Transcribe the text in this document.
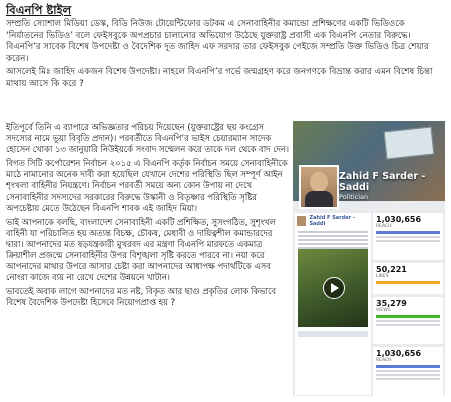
বিএনপি ষ্টাইল

সম্প্রতি স্যোশাল মিডিয়া ডেস্ক, বিডি নিউজ টোয়েন্টিফোর ডটকম এ সেনাবাহিনীর কমান্ডো প্রশিক্ষণের একটি ভিডিওকে ‘নির্যাতনের ভিডিও’ বলে ফেইসবুকে অপপ্রচার চালানোর অভিযোগ উঠেছে যুক্তরাষ্ট্র প্রবাসী এক বিএনপি নেতার বিরুদ্ধে। বিএনপি’র সাবেক বিশেষ উপদেষ্টা ও বৈদেশিক দূত জাহিদ এফ সরদার তার ফেইসবুক পেইজে সম্প্রতি উক্ত ভিডিও চিত্র শেয়ার করেন।

আসলেই মিঃ জাহিদ একজন বিশেষ উপদেষ্টা। নাহলে বিএনপি’র গর্ভে জন্মগ্রহণ করে জনগণকে বিভ্রান্ত করার এমন বিশেষ চিন্তা মাথায় আসে কি করে ?

ইতিপূর্বে তিনি এ ব্যাপারে অভিজ্ঞতার পরিচয় দিয়েছেন (যুক্তরাষ্ট্রের ছয় কংগ্রেস সদস্যের নামে ভূয়া বিবৃতি প্রদান)। পরবর্তীতে বিএনপি’র ভাইস চেয়ারম্যান সাদেক হোসেন খোকা ১৩ জানুয়ারি নিউইয়র্কে সংবাদ সম্মেলন করে তাকে দল থেকে বাদ দেন।

বিগত সিটি কর্পোরেশন নির্বাচন ২০১৫ এ বিএনপি কর্তৃক নির্বাচন সময়ে সেনাবাহিনীকে মাঠে নামানোর অনেক দাবী করা হয়েছিল যেখানে দেশের পরিস্থিতি ছিল সম্পূর্ণ আইন শৃংখলা বাহিনীর নিয়ন্ত্রণে। নির্বাচন পরবর্তী সময়ে অন্য কোন উপায় না দেখে সেনাবাহিনীর সদস্যদের সরকারের বিরুদ্ধে উস্কানী ও বিতৃষ্ণার পরিস্থিতি সৃষ্টির অপচেষ্টায় মেতে উঠেছেন বিএনপি শাবক এই জাহিদ মিয়া।

ভাই আপনাকে বলছি, বাংলাদেশ সেনাবাহিনী একটি প্রশিক্ষিত, সুসংগঠিত, সুশৃংখল বাহিনী যা পরিচালিত হয় অত্যন্ত বিচক্ষ, চৌকষ, মেধাবী ও দায়িত্বশীল কমান্ডারদের দ্বারা। আপনাদের মত ষড়যন্ত্রকারী মুখরবদ এর মন্ত্রণা বিএনপি মারফতে একমাত্র ক্রিয়াশীল প্রজন্মে সেনাবাহিনীর উপর বিশৃঙ্খলা সৃষ্টি করতে পারবে না। নয়া করে আপনাদের মাথার উপরে আসার চেষ্টা করা আপনাদের আধাপক্ষ পদার্থটিকে এসব নোংরা কাজে ব্যয় না রেখে দেশের উন্নয়নে খাটান।

ভাবতেই অবাক লাগে আপনাদের মত নষ্ট, বিকৃত আর ছাগু প্রকৃতির লোক কিভাবে বিশেষ বৈদেশিক উপদেষ্টা হিসেবে নিয়োগপ্রাপ্ত হয় ?

Zahid F Sarder - Saddi
Politician
Zahid F Sarder - Saddi	1,030,656
REACH
50,221
LIKES
35,279
VIEWS
1,030,656
REACH
